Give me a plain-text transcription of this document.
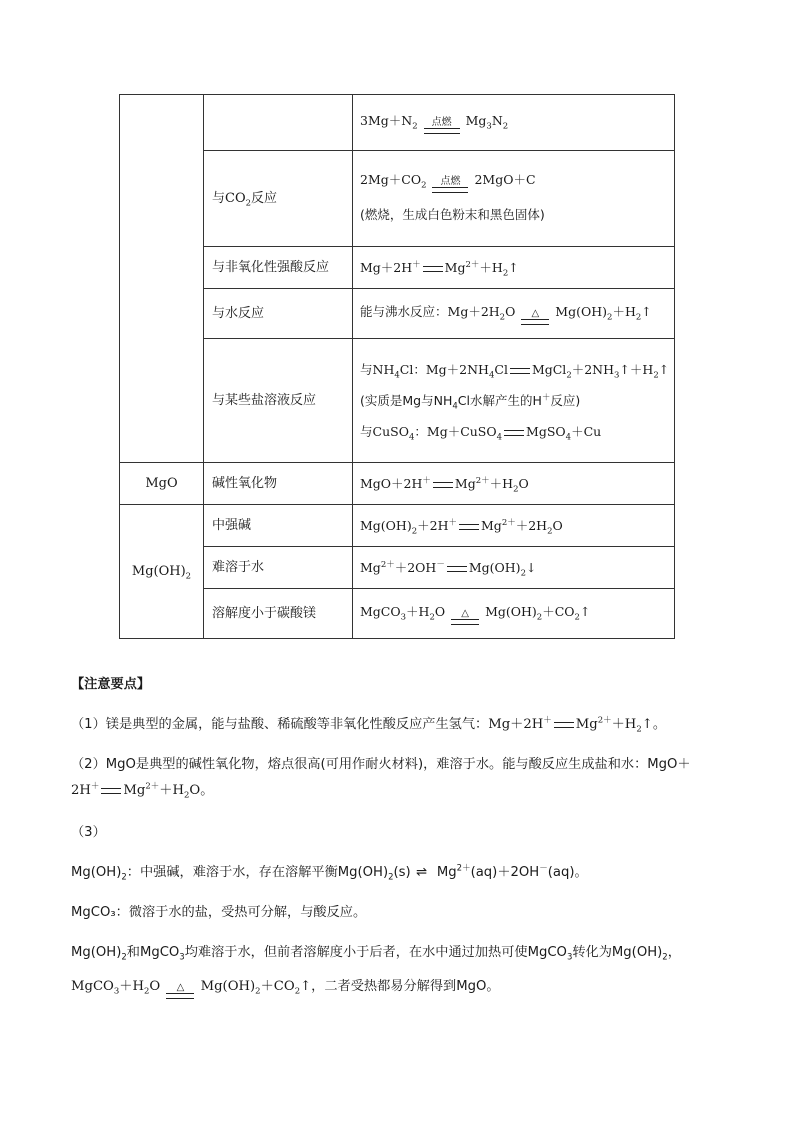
		$3Mg+N_2$ 点燃 $Mg_3N_2$

	与$CO_2$反应	$2Mg+CO_2$ 点燃 2MgO＋C
(燃烧，生成白色粉末和黑色固体)

	与非氧化性强酸反应	Mg＋2H＋ $Mg^{2+}+H_2↑$

	与水反应	能与沸水反应：$Mg+2H_2O$ △ $Mg(OH)_2+H_2↑$

	与某些盐溶液反应	与$NH_4Cl$：$Mg+2NH_4Cl$ $MgCl_2+2NH_3↑+H_2↑$
(实质是Mg与$NH_4Cl$水解产生的H＋反应)
与CuSO$_4$：Mg＋CuSO$_4$ MgSO$_4$＋Cu

MgO	碱性氧化物	MgO＋2H＋ $Mg^{2+}+H_2O$

$Mg(OH)_2$	中强碱	$Mg(OH)_2+2H^+$ $Mg^{2+}+2H_2O$

	难溶于水	$Mg^{2+}+2OH^-$ $Mg(OH)_2↓$

	溶解度小于碳酸镁	$MgCO_3+H_2O$ △ $Mg(OH)_2+CO_2↑$
【注意要点】
（1）镁是典型的金属，能与盐酸、稀硫酸等非氧化性酸反应产生氢气：Mg＋2H＋ $Mg^{2+}+H_2↑$。
（2）MgO是典型的碱性氧化物，熔点很高(可用作耐火材料)，难溶于水。能与酸反应生成盐和水：MgO＋
2H＋ $Mg^{2+}+H_2O$。
（3）
$Mg(OH)_2$：中强碱，难溶于水，存在溶解平衡$Mg(OH)_2(s)$ ⇌ $Mg^{2+}(aq)+2OH^-(aq)$。
MgCO₃：微溶于水的盐，受热可分解，与酸反应。
$Mg(OH)_2$和MgCO$_3$均难溶于水，但前者溶解度小于后者，在水中通过加热可使MgCO$_3$转化为$Mg(OH)_2$，
$MgCO_3+H_2O$	△ $Mg(OH)_2+CO_2↑$，二者受热都易分解得到MgO。
